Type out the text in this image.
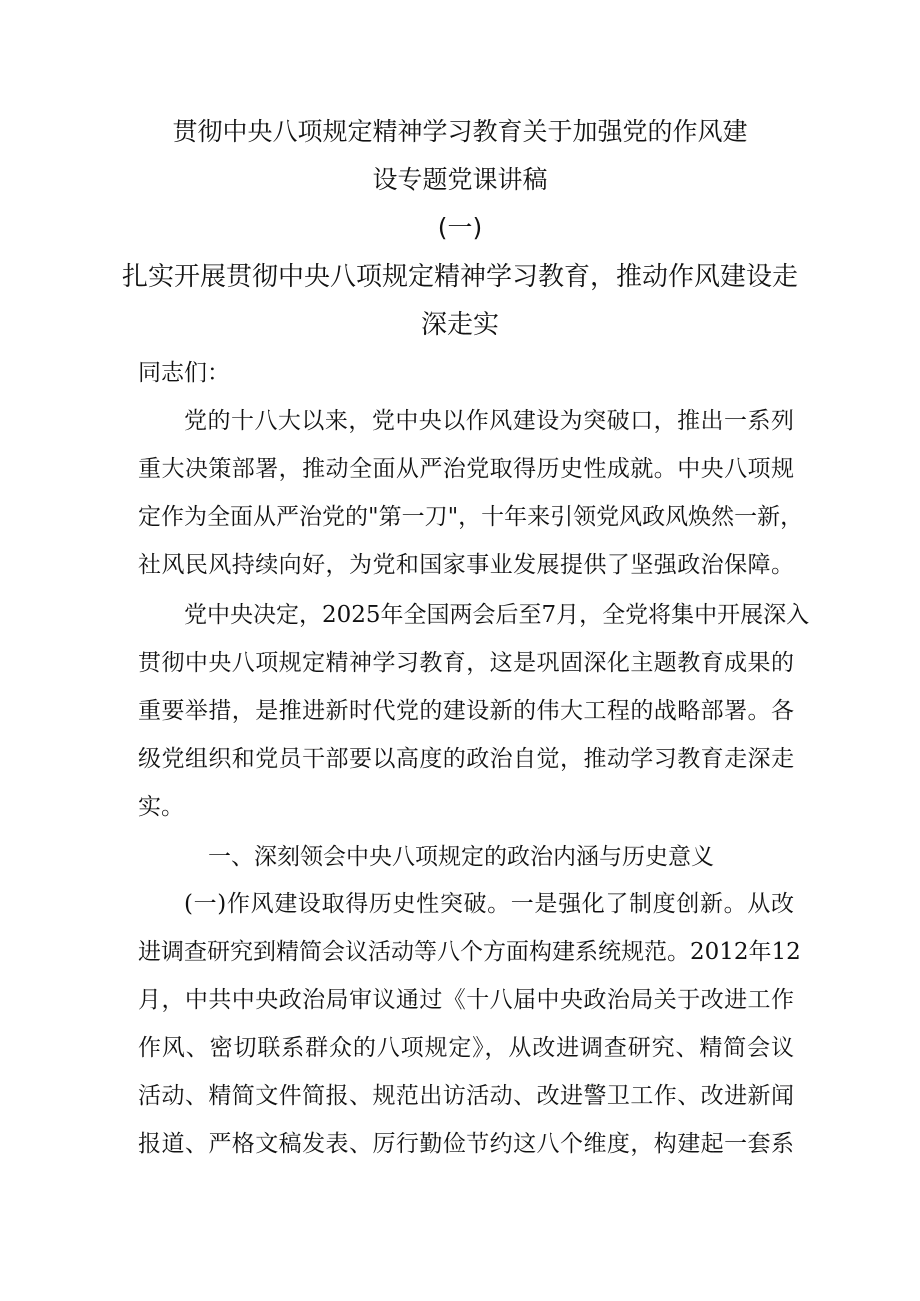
贯彻中央八项规定精神学习教育关于加强党的作风建
设专题党课讲稿
(一)
扎实开展贯彻中央八项规定精神学习教育，推动作风建设走
深走实

同志们：

党的十八大以来，党中央以作风建设为突破口，推出一系列

重大决策部署，推动全面从严治党取得历史性成就。中央八项规

定作为全面从严治党的"第一刀"，十年来引领党风政风焕然一新，

社风民风持续向好，为党和国家事业发展提供了坚强政治保障。

党中央决定，2025年全国两会后至7月，全党将集中开展深入

贯彻中央八项规定精神学习教育，这是巩固深化主题教育成果的

重要举措，是推进新时代党的建设新的伟大工程的战略部署。各

级党组织和党员干部要以高度的政治自觉，推动学习教育走深走

实。

一、深刻领会中央八项规定的政治内涵与历史意义

(一)作风建设取得历史性突破。一是强化了制度创新。从改

进调查研究到精简会议活动等八个方面构建系统规范。2012年12

月，中共中央政治局审议通过《十八届中央政治局关于改进工作

作风、密切联系群众的八项规定》，从改进调查研究、精简会议

活动、精简文件简报、规范出访活动、改进警卫工作、改进新闻

报道、严格文稿发表、厉行勤俭节约这八个维度，构建起一套系
